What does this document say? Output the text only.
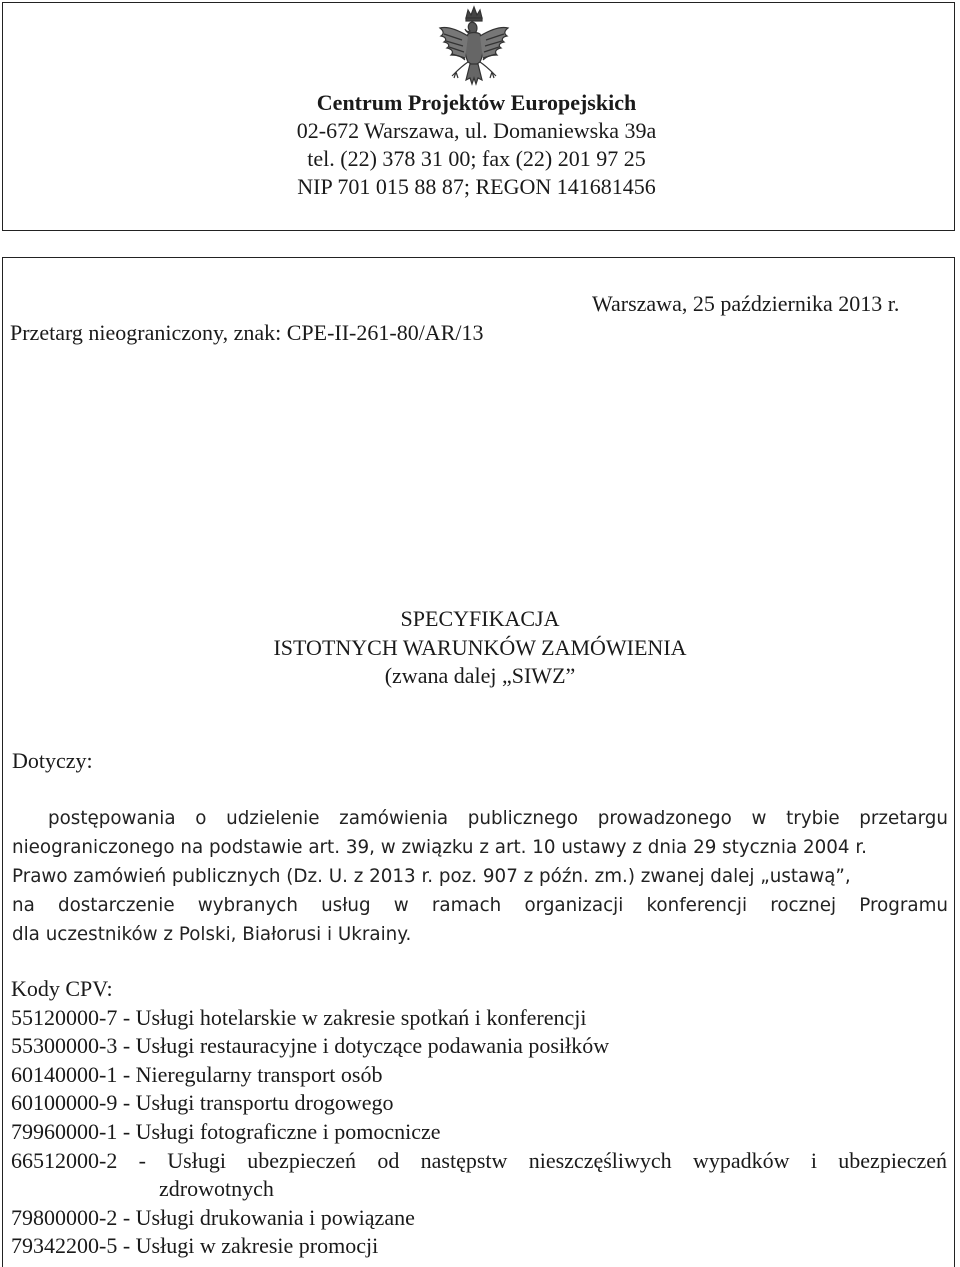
Centrum Projektów Europejskich
02-672 Warszawa, ul. Domaniewska 39a
tel. (22) 378 31 00; fax (22) 201 97 25
NIP 701 015 88 87; REGON 141681456
Warszawa, 25 października 2013 r.
Przetarg nieograniczony, znak: CPE-II-261-80/AR/13
SPECYFIKACJA
ISTOTNYCH WARUNKÓW ZAMÓWIENIA
(zwana dalej „SIWZ”
Dotyczy:
postępowania o udzielenie zamówienia publicznego prowadzonego w trybie przetargu
nieograniczonego na podstawie art. 39, w związku z art. 10 ustawy z dnia 29 stycznia 2004 r.
Prawo zamówień publicznych (Dz. U. z 2013 r. poz. 907 z późn. zm.) zwanej dalej „ustawą”,
na dostarczenie wybranych usług w ramach organizacji konferencji rocznej Programu
dla uczestników z Polski, Białorusi i Ukrainy.
Kody CPV:
55120000-7 - Usługi hotelarskie w zakresie spotkań i konferencji
55300000-3 - Usługi restauracyjne i dotyczące podawania posiłków
60140000-1 - Nieregularny transport osób
60100000-9 - Usługi transportu drogowego
79960000-1 - Usługi fotograficzne i pomocnicze
66512000-2 - Usługi ubezpieczeń od następstw nieszczęśliwych wypadków i ubezpieczeń
zdrowotnych
79800000-2 - Usługi drukowania i powiązane
79342200-5 - Usługi w zakresie promocji
